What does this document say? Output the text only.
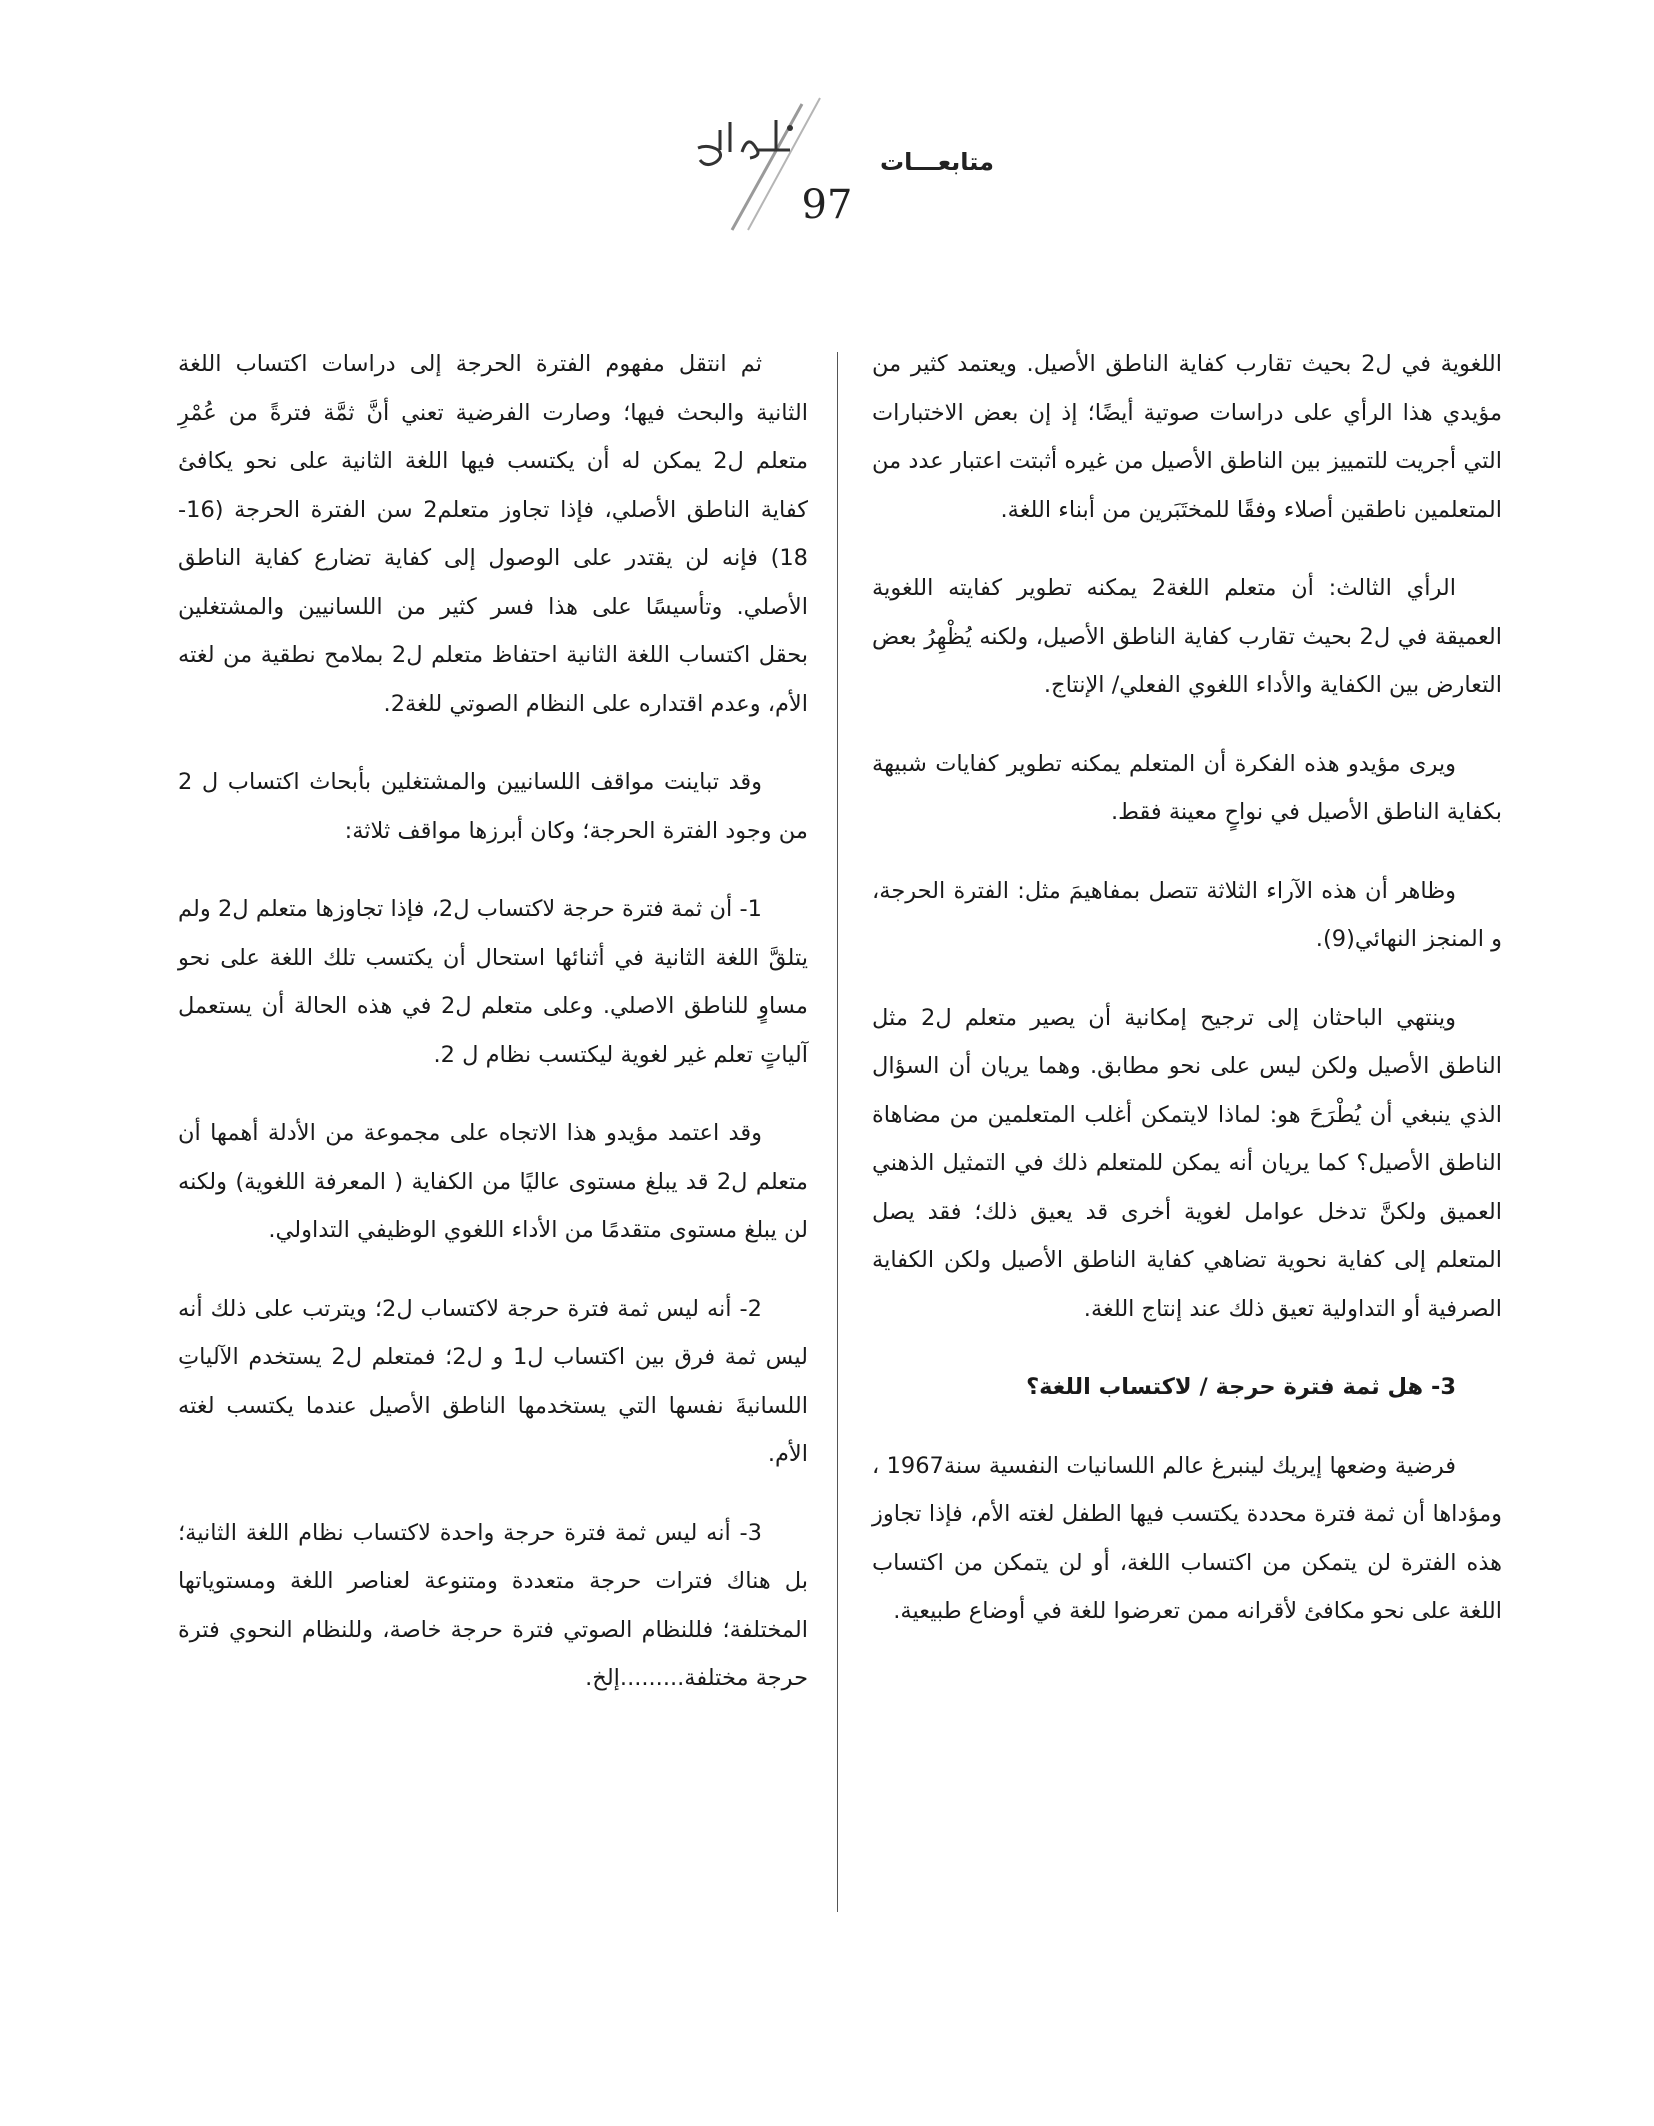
متابعـــات
97

اللغوية في ل2 بحيث تقارب كفاية الناطق الأصيل. ويعتمد كثير من مؤيدي هذا الرأي على دراسات صوتية أيضًا؛ إذ إن بعض الاختبارات التي أجريت للتمييز بين الناطق الأصيل من غيره أثبتت اعتبار عدد من المتعلمين ناطقين أصلاء وفقًا للمختَبَرين من أبناء اللغة.

الرأي الثالث: أن متعلم اللغة2 يمكنه تطوير كفايته اللغوية العميقة في ل2 بحيث تقارب كفاية الناطق الأصيل، ولكنه يُظْهِرُ بعض التعارض بين الكفاية والأداء اللغوي الفعلي/ الإنتاج.

ويرى مؤيدو هذه الفكرة أن المتعلم يمكنه تطوير كفايات شبيهة بكفاية الناطق الأصيل في نواحٍ معينة فقط.

وظاهر أن هذه الآراء الثلاثة تتصل بمفاهيمَ مثل: الفترة الحرجة، و المنجز النهائي(9).

وينتهي الباحثان إلى ترجيح إمكانية أن يصير متعلم ل2 مثل الناطق الأصيل ولكن ليس على نحو مطابق. وهما يريان أن السؤال الذي ينبغي أن يُطْرَحَ هو: لماذا لايتمكن أغلب المتعلمين من مضاهاة الناطق الأصيل؟ كما يريان أنه يمكن للمتعلم ذلك في التمثيل الذهني العميق ولكنَّ تدخل عوامل لغوية أخرى قد يعيق ذلك؛ فقد يصل المتعلم إلى كفاية نحوية تضاهي كفاية الناطق الأصيل ولكن الكفاية الصرفية أو التداولية تعيق ذلك عند إنتاج اللغة.

3- هل ثمة فترة حرجة / لاكتساب اللغة؟

فرضية وضعها إيريك لينبرغ عالم اللسانيات النفسية سنة1967 ، ومؤداها أن ثمة فترة محددة يكتسب فيها الطفل لغته الأم، فإذا تجاوز هذه الفترة لن يتمكن من اكتساب اللغة، أو لن يتمكن من اكتساب اللغة على نحو مكافئ لأقرانه ممن تعرضوا للغة في أوضاع طبيعية.

ثم انتقل مفهوم الفترة الحرجة إلى دراسات اكتساب اللغة الثانية والبحث فيها؛ وصارت الفرضية تعني أنَّ ثمَّة فترةً من عُمْرِ متعلم ل2 يمكن له أن يكتسب فيها اللغة الثانية على نحو يكافئ كفاية الناطق الأصلي، فإذا تجاوز متعلم2 سن الفترة الحرجة (16-18) فإنه لن يقتدر على الوصول إلى كفاية تضارع كفاية الناطق الأصلي. وتأسيسًا على هذا فسر كثير من اللسانيين والمشتغلين بحقل اكتساب اللغة الثانية احتفاظ متعلم ل2 بملامح نطقية من لغته الأم، وعدم اقتداره على النظام الصوتي للغة2.

وقد تباينت مواقف اللسانيين والمشتغلين بأبحاث اكتساب ل 2 من وجود الفترة الحرجة؛ وكان أبرزها مواقف ثلاثة:

1- أن ثمة فترة حرجة لاكتساب ل2، فإذا تجاوزها متعلم ل2 ولم يتلقَّ اللغة الثانية في أثنائها استحال أن يكتسب تلك اللغة على نحو مساوٍ للناطق الاصلي. وعلى متعلم ل2 في هذه الحالة أن يستعمل آلياتٍ تعلم غير لغوية ليكتسب نظام ل 2.

وقد اعتمد مؤيدو هذا الاتجاه على مجموعة من الأدلة أهمها أن متعلم ل2 قد يبلغ مستوى عاليًا من الكفاية ( المعرفة اللغوية) ولكنه لن يبلغ مستوى متقدمًا من الأداء اللغوي الوظيفي التداولي.

2- أنه ليس ثمة فترة حرجة لاكتساب ل2؛ ويترتب على ذلك أنه ليس ثمة فرق بين اكتساب ل1 و ل2؛ فمتعلم ل2 يستخدم الآلياتِ اللسانيةَ نفسها التي يستخدمها الناطق الأصيل عندما يكتسب لغته الأم.

3- أنه ليس ثمة فترة حرجة واحدة لاكتساب نظام اللغة الثانية؛ بل هناك فترات حرجة متعددة ومتنوعة لعناصر اللغة ومستوياتها المختلفة؛ فللنظام الصوتي فترة حرجة خاصة، وللنظام النحوي فترة حرجة مختلفة.........إلخ.
